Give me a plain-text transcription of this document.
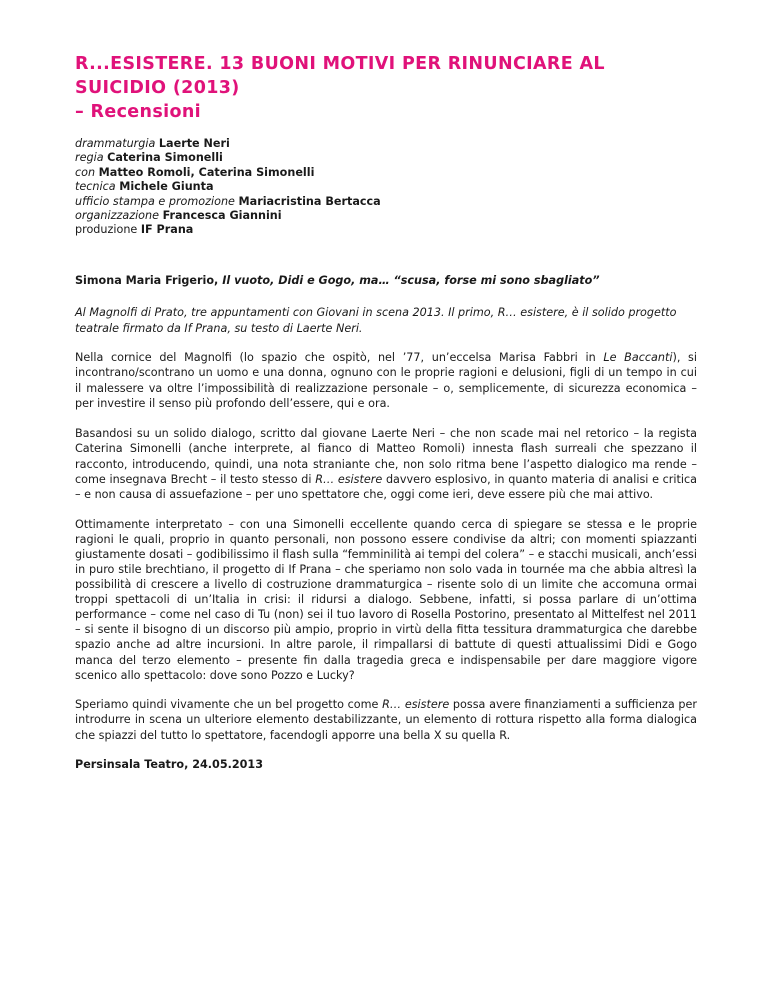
R...ESISTERE. 13 BUONI MOTIVI PER RINUNCIARE AL SUICIDIO (2013)
– Recensioni
drammaturgia Laerte Neri
regia Caterina Simonelli
con Matteo Romoli, Caterina Simonelli
tecnica Michele Giunta
ufficio stampa e promozione Mariacristina Bertacca
organizzazione Francesca Giannini
produzione IF Prana
Simona Maria Frigerio, Il vuoto, Didi e Gogo, ma… “scusa, forse mi sono sbagliato”

Al Magnolfi di Prato, tre appuntamenti con Giovani in scena 2013. Il primo, R… esistere, è il solido progetto teatrale firmato da If Prana, su testo di Laerte Neri.

Nella cornice del Magnolfi (lo spazio che ospitò, nel ’77, un’eccelsa Marisa Fabbri in Le Baccanti), si incontrano/scontrano un uomo e una donna, ognuno con le proprie ragioni e delusioni, figli di un tempo in cui il malessere va oltre l’impossibilità di realizzazione personale – o, semplicemente, di sicurezza economica – per investire il senso più profondo dell’essere, qui e ora.

Basandosi su un solido dialogo, scritto dal giovane Laerte Neri – che non scade mai nel retorico – la regista Caterina Simonelli (anche interprete, al fianco di Matteo Romoli) innesta flash surreali che spezzano il racconto, introducendo, quindi, una nota straniante che, non solo ritma bene l’aspetto dialogico ma rende – come insegnava Brecht – il testo stesso di R… esistere davvero esplosivo, in quanto materia di analisi e critica – e non causa di assuefazione – per uno spettatore che, oggi come ieri, deve essere più che mai attivo.

Ottimamente interpretato – con una Simonelli eccellente quando cerca di spiegare se stessa e le proprie ragioni le quali, proprio in quanto personali, non possono essere condivise da altri; con momenti spiazzanti giustamente dosati – godibilissimo il flash sulla “femminilità ai tempi del colera” – e stacchi musicali, anch’essi in puro stile brechtiano, il progetto di If Prana – che speriamo non solo vada in tournée ma che abbia altresì la possibilità di crescere a livello di costruzione drammaturgica – risente solo di un limite che accomuna ormai troppi spettacoli di un’Italia in crisi: il ridursi a dialogo. Sebbene, infatti, si possa parlare di un’ottima performance – come nel caso di Tu (non) sei il tuo lavoro di Rosella Postorino, presentato al Mittelfest nel 2011 – si sente il bisogno di un discorso più ampio, proprio in virtù della fitta tessitura drammaturgica che darebbe spazio anche ad altre incursioni. In altre parole, il rimpallarsi di battute di questi attualissimi Didi e Gogo manca del terzo elemento – presente fin dalla tragedia greca e indispensabile per dare maggiore vigore scenico allo spettacolo: dove sono Pozzo e Lucky?

Speriamo quindi vivamente che un bel progetto come R… esistere possa avere finanziamenti a sufficienza per introdurre in scena un ulteriore elemento destabilizzante, un elemento di rottura rispetto alla forma dialogica che spiazzi del tutto lo spettatore, facendogli apporre una bella X su quella R.

Persinsala Teatro, 24.05.2013
